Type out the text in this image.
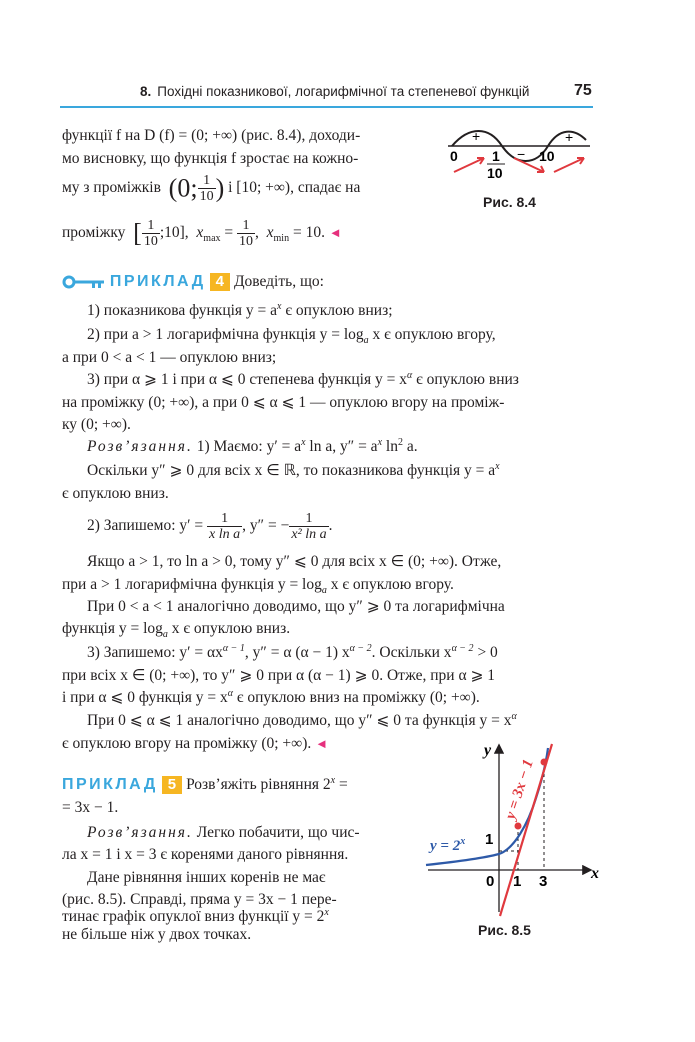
8. Похідні показникової, логарифмічної та степеневої функцій	75
функції f на D (f) = (0; +∞) (рис. 8.4), доходи-
мо висновку, що функція f зростає на кожно-
му з проміжків (0; $\frac{1}{10}$ ) і [10; +∞), спадає на
проміжку [ $\frac{1}{10}$ ;10], $x_{max} = \frac{1}{10}$ , $x_{min} = 10$. ◄
+
−
+
0 1
10
10
Рис. 8.4
ПРИКЛАД 4 Доведіть, що:
1) показникова функція $y = a^x$ є опуклою вниз;
2) при a > 1 логарифмічна функція $y = \log_a x$ є опуклою вгору,
а при 0 < a < 1 — опуклою вниз;
3) при α ⩾ 1 і при α ⩽ 0 степенева функція $y = x^\alpha$ є опуклою вниз
на проміжку (0; +∞), а при 0 ⩽ α ⩽ 1 — опуклою вгору на промiж-
ку (0; +∞).
Розв’язання. 1) Маємо: $y' = a^x$ ln a, $y'' = a^x$ $\ln^2 a$.
Оскільки y″ ⩾ 0 для всіх x ∈ ℝ, то показникова функція $y = a^x$
є опуклою вниз.
2) Запишемо: $y' = \frac{1}{\text{x ln a}}$ , y″ = − $\frac{1}{\text{x² ln a}}$ .
Якщо a > 1, то ln a > 0, тому y″ ⩽ 0 для всіх x ∈ (0; +∞). Отже,
при a > 1 логарифмічна функція $y = \log_a x$ є опуклою вгору.
При 0 < a < 1 аналогічно доводимо, що y″ ⩾ 0 та логарифмічна
функція $y = \log_a x$ є опуклою вниз.
3) Запишемо: $y' = \alpha x^{\alpha - 1}$, y″ = α (α − 1) $x^{\alpha - 2}$. Оскільки $x^{\alpha - 2} > 0$
при всіх x ∈ (0; +∞), то y″ ⩾ 0 при α (α − 1) ⩾ 0. Отже, при α ⩾ 1
і при α ⩽ 0 функція $y = x^\alpha$ є опуклою вниз на проміжку (0; +∞).
При 0 ⩽ α ⩽ 1 аналогічно доводимо, що y″ ⩽ 0 та функція $y = x^\alpha$
є опуклою вгору на проміжку (0; +∞). ◄
ПРИКЛАД 5 Розв’яжіть рівняння $2^x$ =
= 3x − 1.
Розв’язання. Легко побачити, що чис-
ла x = 1 і x = 3 є коренями даного рівняння.
Дане рівняння інших коренів не має
(рис. 8.5). Справді, пряма y = 3x − 1 пере-
тинає графік опуклої вниз функції $y = 2^x$
не більше ніж у двох точках.
x
y
0 1 3
1
$y = 2^x$
y = 3x − 1
Рис. 8.5
